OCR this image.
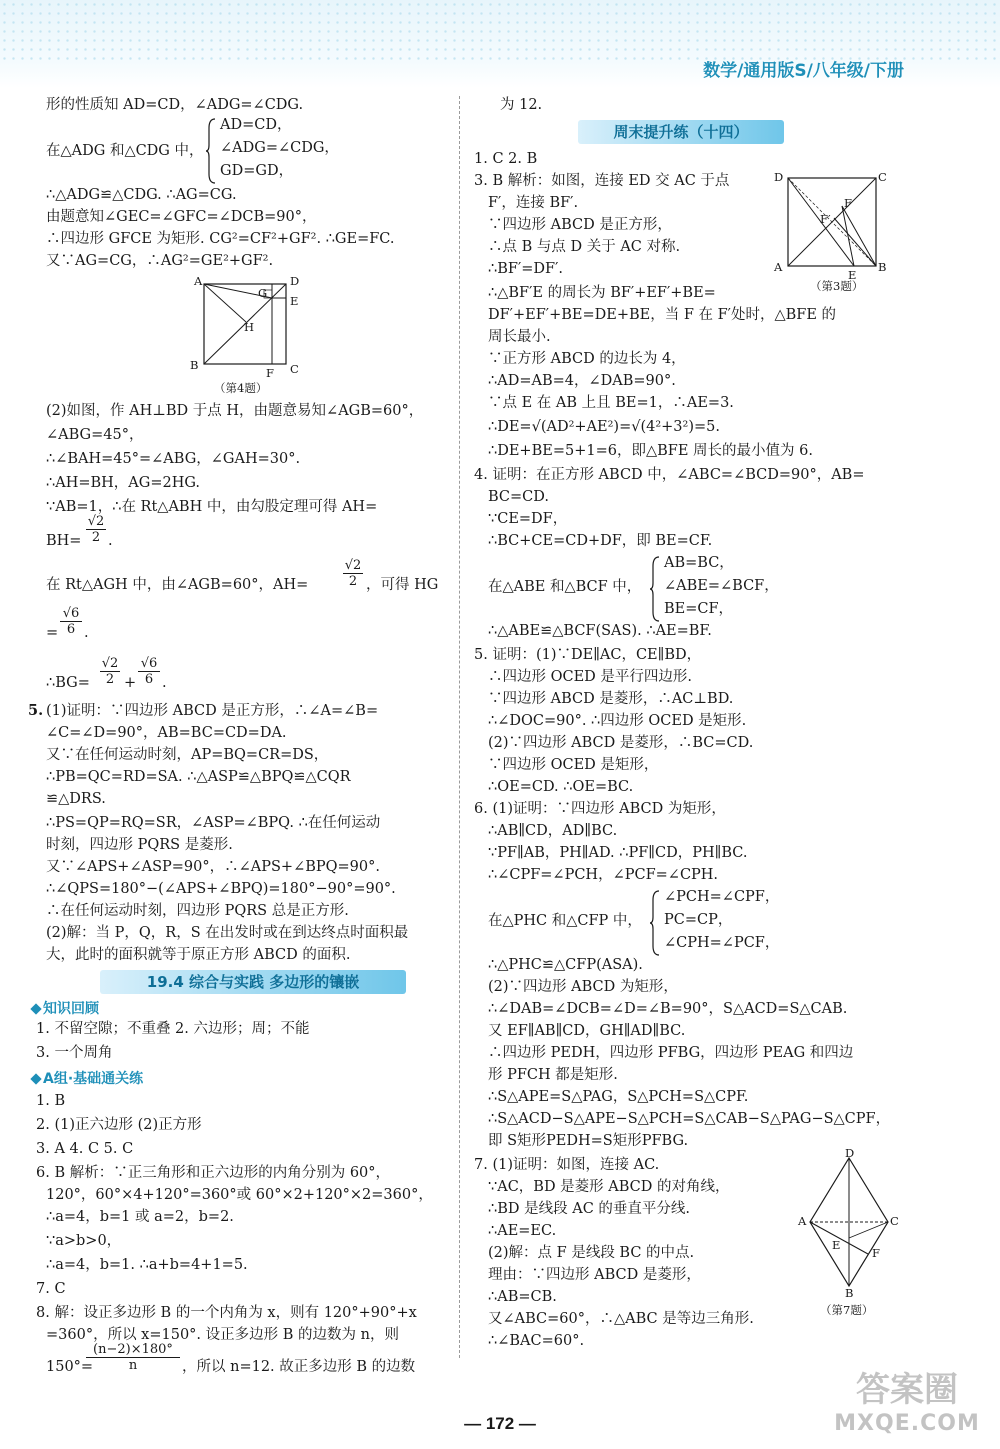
数学/通用版S/八年级/下册
形的性质知 AD=CD，∠ADG=∠CDG.
在△ADG 和△CDG 中，
AD=CD，
∠ADG=∠CDG，
GD=GD，
∴△ADG≌△CDG. ∴AG=CG.
由题意知∠GEC=∠GFC=∠DCB=90°，
∴四边形 GFCE 为矩形. CG²=CF²+GF². ∴GE=FC.
又∵AG=CG，∴AG²=GE²+GF².
A
G
D
E
H
B
F C
（第4题）
(2)如图，作 AH⊥BD 于点 H，由题意易知∠AGB=60°，
∠ABG=45°，
∴∠BAH=45°=∠ABG，∠GAH=30°.
∴AH=BH，AG=2HG.
∵AB=1，∴在 Rt△ABH 中，由勾股定理可得 AH=
$BH= \frac{√2}{2}$ .
在 Rt△AGH 中，由∠AGB=60°，AH=	$\frac{√2}{2}$ ，可得 HG
= $\frac{√6}{6}$ .
∴BG= $\frac{√2}{2} + \frac{√6}{6}$ .
5. (1)证明：∵四边形 ABCD 是正方形，∴∠A=∠B=
∠C=∠D=90°，AB=BC=CD=DA.
又∵在任何运动时刻，AP=BQ=CR=DS，
∴PB=QC=RD=SA. ∴△ASP≌△BPQ≌△CQR
≌△DRS.
∴PS=QP=RQ=SR，∠ASP=∠BPQ. ∴在任何运动
时刻，四边形 PQRS 是菱形.
又∵∠APS+∠ASP=90°，∴∠APS+∠BPQ=90°.
∴∠QPS=180°−(∠APS+∠BPQ)=180°−90°=90°.
∴在任何运动时刻，四边形 PQRS 总是正方形.
(2)解：当 P，Q，R，S 在出发时或在到达终点时面积最
大，此时的面积就等于原正方形 ABCD 的面积.
19.4 综合与实践 多边形的镶嵌
知识回顾
1. 不留空隙；不重叠 2. 六边形；周；不能
3. 一个周角
A组·基础通关练
1. B
2. (1)正六边形 (2)正方形
3. A 4. C 5. C
6. B 解析：∵正三角形和正六边形的内角分别为 60°，
120°，60°×4+120°=360°或 60°×2+120°×2=360°，
∴a=4，b=1 或 a=2，b=2.
∵a>b>0，
∴a=4，b=1. ∴a+b=4+1=5.
7. C
8. 解：设正多边形 B 的一个内角为 x，则有 120°+90°+x
=360°，所以 x=150°. 设正多边形 B 的边数为 n，则
150°=
$\frac{(n-2)\times 180^\circ}{n}$ ，所以 n=12. 故正多边形 B 的边数
为 12.
周末提升练（十四）
1. C 2. B
3. B 解析：如图，连接 ED 交 AC 于点
F′，连接 BF′.
∵四边形 ABCD 是正方形，
∴点 B 与点 D 关于 AC 对称.
∴BF′=DF′.
∴△BF′E 的周长为 BF′+EF′+BE=
DF′+EF′+BE=DE+BE，当 F 在 F′处时，△BFE 的
周长最小.
∵正方形 ABCD 的边长为 4，
∴AD=AB=4，∠DAB=90°.
∵点 E 在 AB 上且 BE=1，∴AE=3.
∴DE=√(AD²+AE²)=√(4²+3²)=5.
∴DE+BE=5+1=6，即△BFE 周长的最小值为 6.
D	C
F
F′
A
E
B
（第3题）
4. 证明：在正方形 ABCD 中，∠ABC=∠BCD=90°，AB=
BC=CD.
∵CE=DF，
∴BC+CE=CD+DF，即 BE=CF.
在△ABE 和△BCF 中，
AB=BC，
∠ABE=∠BCF，
BE=CF，
∴△ABE≌△BCF(SAS). ∴AE=BF.
5. 证明：(1)∵DE∥AC，CE∥BD，
∴四边形 OCED 是平行四边形.
∵四边形 ABCD 是菱形，∴AC⊥BD.
∴∠DOC=90°. ∴四边形 OCED 是矩形.
(2)∵四边形 ABCD 是菱形，∴BC=CD.
∵四边形 OCED 是矩形，
∴OE=CD. ∴OE=BC.
6. (1)证明：∵四边形 ABCD 为矩形，
∴AB∥CD，AD∥BC.
∵PF∥AB，PH∥AD. ∴PF∥CD，PH∥BC.
∴∠CPF=∠PCH，∠PCF=∠CPH.
在△PHC 和△CFP 中，
∠PCH=∠CPF，
PC=CP，
∠CPH=∠PCF，
∴△PHC≌△CFP(ASA).
(2)∵四边形 ABCD 为矩形，
∴∠DAB=∠DCB=∠D=∠B=90°，S△ACD=S△CAB.
又 EF∥AB∥CD，GH∥AD∥BC.
∴四边形 PEDH，四边形 PFBG，四边形 PEAG 和四边
形 PFCH 都是矩形.
∴S△APE=S△PAG，S△PCH=S△CPF.
∴S△ACD−S△APE−S△PCH=S△CAB−S△PAG−S△CPF，
即 S矩形PEDH=S矩形PFBG.
7. (1)证明：如图，连接 AC.
∵AC，BD 是菱形 ABCD 的对角线，
∴BD 是线段 AC 的垂直平分线.
∴AE=EC.
(2)解：点 F 是线段 BC 的中点.
理由：∵四边形 ABCD 是菱形，
∴AB=CB.
又∠ABC=60°，∴△ABC 是等边三角形.
∴∠BAC=60°.
D
A	C
E
F
B
（第7题）
— 172 —
答案圈
MXQE.COM
